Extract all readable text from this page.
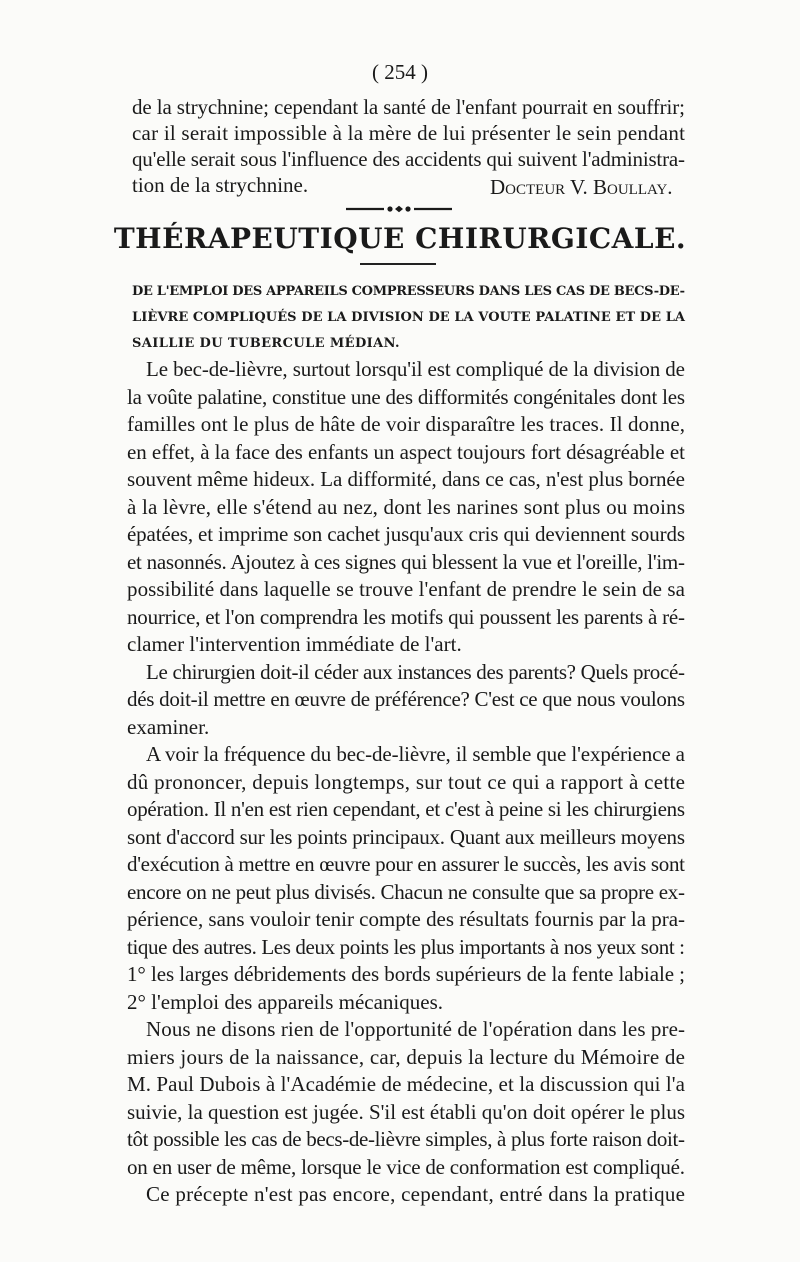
( 254 )
de la strychnine; cependant la santé de l'enfant pourrait en souffrir;
car il serait impossible à la mère de lui présenter le sein pendant
qu'elle serait sous l'influence des accidents qui suivent l'administra-
tion de la strychnine.	Docteur V. Boullay.
THÉRAPEUTIQUE CHIRURGICALE.
DE L'EMPLOI DES APPAREILS COMPRESSEURS DANS LES CAS DE BECS-DE-
LIÈVRE COMPLIQUÉS DE LA DIVISION DE LA VOUTE PALATINE ET DE LA
SAILLIE DU TUBERCULE MÉDIAN.
Le bec-de-lièvre, surtout lorsqu'il est compliqué de la division de
la voûte palatine, constitue une des difformités congénitales dont les
familles ont le plus de hâte de voir disparaître les traces. Il donne,
en effet, à la face des enfants un aspect toujours fort désagréable et
souvent même hideux. La difformité, dans ce cas, n'est plus bornée
à la lèvre, elle s'étend au nez, dont les narines sont plus ou moins
épatées, et imprime son cachet jusqu'aux cris qui deviennent sourds
et nasonnés. Ajoutez à ces signes qui blessent la vue et l'oreille, l'im-
possibilité dans laquelle se trouve l'enfant de prendre le sein de sa
nourrice, et l'on comprendra les motifs qui poussent les parents à ré-
clamer l'intervention immédiate de l'art.
Le chirurgien doit-il céder aux instances des parents? Quels procé-
dés doit-il mettre en œuvre de préférence? C'est ce que nous voulons
examiner.
A voir la fréquence du bec-de-lièvre, il semble que l'expérience a
dû prononcer, depuis longtemps, sur tout ce qui a rapport à cette
opération. Il n'en est rien cependant, et c'est à peine si les chirurgiens
sont d'accord sur les points principaux. Quant aux meilleurs moyens
d'exécution à mettre en œuvre pour en assurer le succès, les avis sont
encore on ne peut plus divisés. Chacun ne consulte que sa propre ex-
périence, sans vouloir tenir compte des résultats fournis par la pra-
tique des autres. Les deux points les plus importants à nos yeux sont :
1° les larges débridements des bords supérieurs de la fente labiale ;
2° l'emploi des appareils mécaniques.
Nous ne disons rien de l'opportunité de l'opération dans les pre-
miers jours de la naissance, car, depuis la lecture du Mémoire de
M. Paul Dubois à l'Académie de médecine, et la discussion qui l'a
suivie, la question est jugée. S'il est établi qu'on doit opérer le plus
tôt possible les cas de becs-de-lièvre simples, à plus forte raison doit-
on en user de même, lorsque le vice de conformation est compliqué.
Ce précepte n'est pas encore, cependant, entré dans la pratique
